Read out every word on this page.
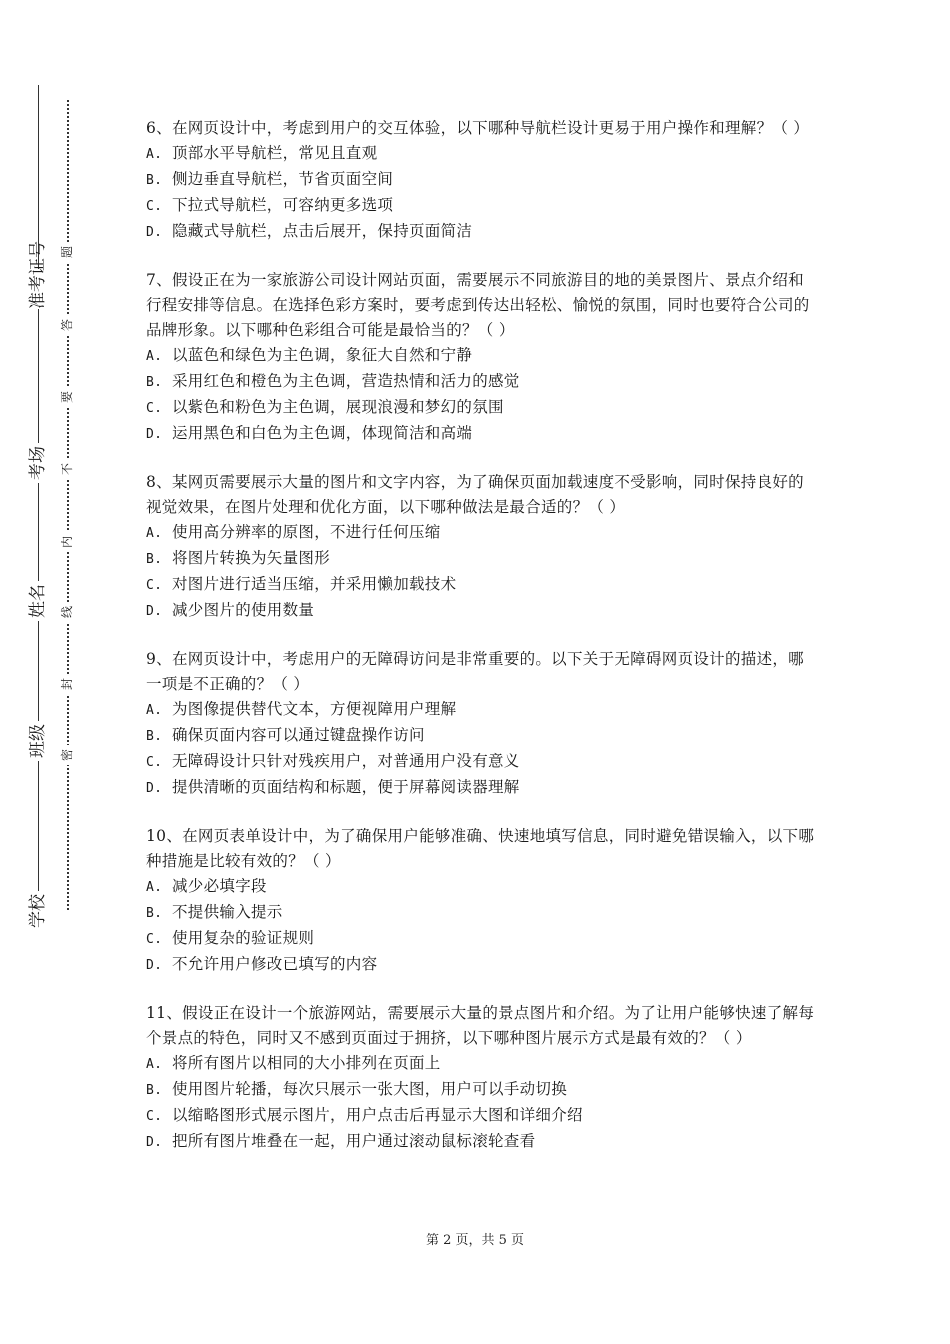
准考证号
考场
姓名
班级
学校
题
答
要
不
内
线
封
密
6、在网页设计中，考虑到用户的交互体验，以下哪种导航栏设计更易于用户操作和理解？（ ）
A. 顶部水平导航栏，常见且直观
B. 侧边垂直导航栏，节省页面空间
C. 下拉式导航栏，可容纳更多选项
D. 隐藏式导航栏，点击后展开，保持页面简洁
7、假设正在为一家旅游公司设计网站页面，需要展示不同旅游目的地的美景图片、景点介绍和行程安排等信息。在选择色彩方案时，要考虑到传达出轻松、愉悦的氛围，同时也要符合公司的品牌形象。以下哪种色彩组合可能是最恰当的？（ ）
A. 以蓝色和绿色为主色调，象征大自然和宁静
B. 采用红色和橙色为主色调，营造热情和活力的感觉
C. 以紫色和粉色为主色调，展现浪漫和梦幻的氛围
D. 运用黑色和白色为主色调，体现简洁和高端
8、某网页需要展示大量的图片和文字内容，为了确保页面加载速度不受影响，同时保持良好的视觉效果，在图片处理和优化方面，以下哪种做法是最合适的？（ ）
A. 使用高分辨率的原图，不进行任何压缩
B. 将图片转换为矢量图形
C. 对图片进行适当压缩，并采用懒加载技术
D. 减少图片的使用数量
9、在网页设计中，考虑用户的无障碍访问是非常重要的。以下关于无障碍网页设计的描述，哪一项是不正确的？（ ）
A. 为图像提供替代文本，方便视障用户理解
B. 确保页面内容可以通过键盘操作访问
C. 无障碍设计只针对残疾用户，对普通用户没有意义
D. 提供清晰的页面结构和标题，便于屏幕阅读器理解
10、在网页表单设计中，为了确保用户能够准确、快速地填写信息，同时避免错误输入，以下哪种措施是比较有效的？（ ）
A. 减少必填字段
B. 不提供输入提示
C. 使用复杂的验证规则
D. 不允许用户修改已填写的内容
11、假设正在设计一个旅游网站，需要展示大量的景点图片和介绍。为了让用户能够快速了解每个景点的特色，同时又不感到页面过于拥挤，以下哪种图片展示方式是最有效的？（ ）
A. 将所有图片以相同的大小排列在页面上
B. 使用图片轮播，每次只展示一张大图，用户可以手动切换
C. 以缩略图形式展示图片，用户点击后再显示大图和详细介绍
D. 把所有图片堆叠在一起，用户通过滚动鼠标滚轮查看
第 2 页，共 5 页
